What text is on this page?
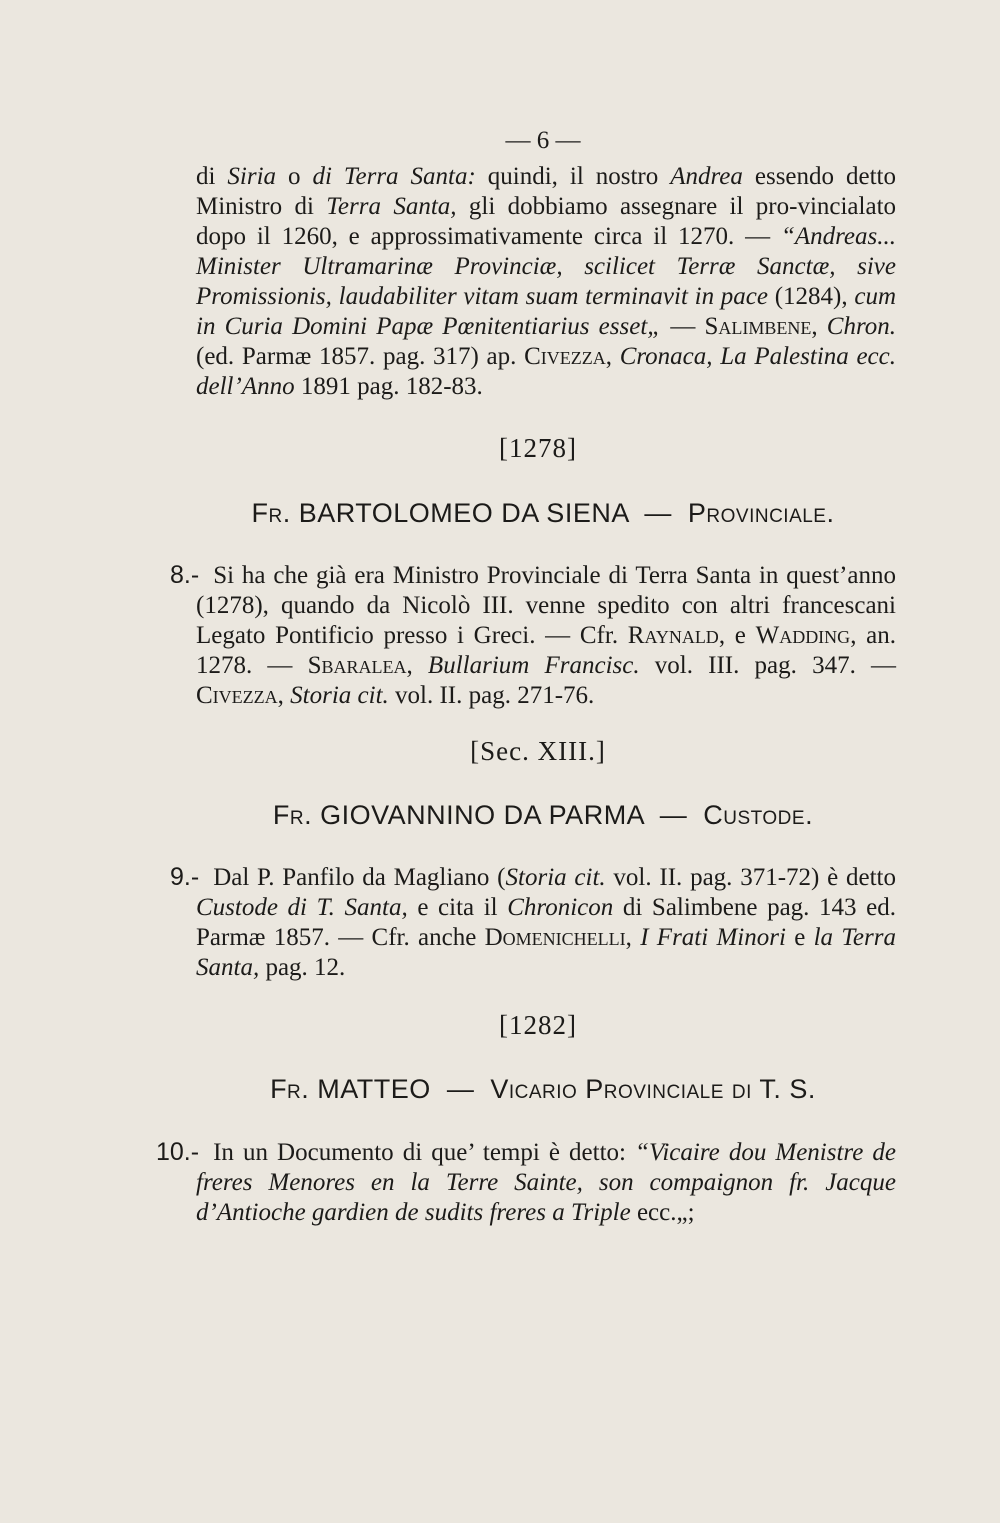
— 6 —

di Siria o di Terra Santa: quindi, il nostro Andrea essendo detto Ministro di Terra Santa, gli dobbiamo assegnare il pro-vincialato dopo il 1260, e approssimativamente circa il 1270. — “Andreas... Minister Ultramarinæ Provinciæ, scilicet Terræ Sanctæ, sive Promissionis, laudabiliter vitam suam terminavit in pace (1284), cum in Curia Domini Papæ Pœnitentiarius esset„ — Salimbene, Chron. (ed. Parmæ 1857. pag. 317) ap. Civezza, Cronaca, La Palestina ecc. dell’Anno 1891 pag. 182-83.

[1278]
Fr. BARTOLOMEO DA SIENA — Provinciale.
8.- Si ha che già era Ministro Provinciale di Terra Santa in quest’anno (1278), quando da Nicolò III. venne spedito con altri francescani Legato Pontificio presso i Greci. — Cfr. Raynald, e Wadding, an. 1278. — Sbaralea, Bullarium Francisc. vol. III. pag. 347. — Civezza, Storia cit. vol. II. pag. 271-76.
[Sec. XIII.]
Fr. GIOVANNINO DA PARMA — Custode.
9.- Dal P. Panfilo da Magliano (Storia cit. vol. II. pag. 371-72) è detto Custode di T. Santa, e cita il Chronicon di Salimbene pag. 143 ed. Parmæ 1857. — Cfr. anche Domenichelli, I Frati Minori e la Terra Santa, pag. 12.
[1282]
Fr. MATTEO — Vicario Provinciale di T. S.
10.- In un Documento di que’ tempi è detto: “Vicaire dou Menistre de freres Menores en la Terre Sainte, son compaignon fr. Jacque d’Antioche gardien de sudits freres a Triple ecc.„;
